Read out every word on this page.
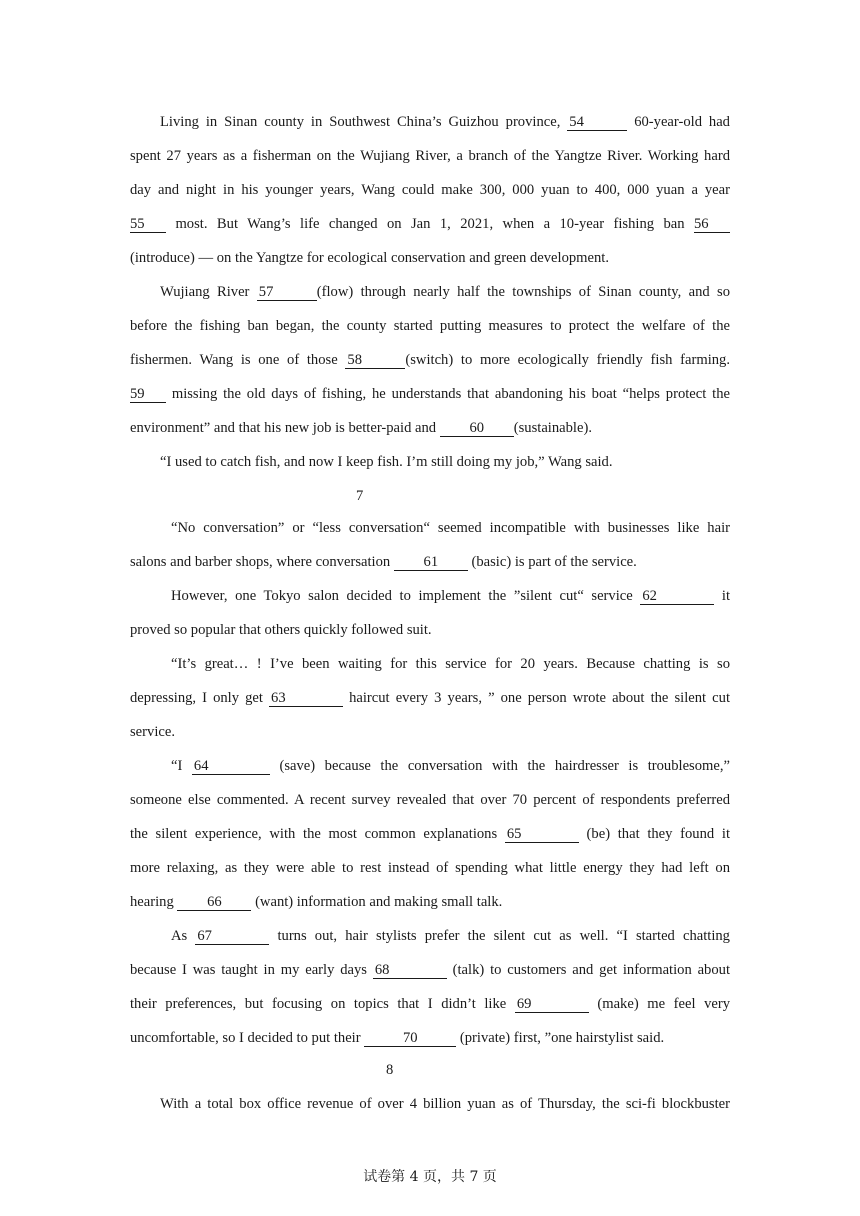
Living in Sinan county in Southwest China’s Guizhou province, 54	60-year-old had
spent 27 years as a fisherman on the Wujiang River, a branch of the Yangtze River. Working hard
day and night in his younger years, Wang could make 300, 000 yuan to 400, 000 yuan a year
55 most. But Wang’s life changed on Jan 1, 2021, when a 10-year fishing ban 56
(introduce) — on the Yangtze for ecological conservation and green development.
Wujiang River 57	(flow) through nearly half the townships of Sinan county, and so
before the fishing ban began, the county started putting measures to protect the welfare of the
fishermen. Wang is one of those 58	(switch) to more ecologically friendly fish farming.
59 missing the old days of fishing, he understands that abandoning his boat “helps protect the
environment” and that his new job is better-paid and 60 (sustainable).
“I used to catch fish, and now I keep fish. I’m still doing my job,” Wang said.
7
“No conversation” or “less conversation“ seemed incompatible with businesses like hair
salons and barber shops, where conversation 61 (basic) is part of the service.
However, one Tokyo salon decided to implement the ”silent cut“ service 62	it
proved so popular that others quickly followed suit.
“It’s great… ! I’ve been waiting for this service for 20 years. Because chatting is so
depressing, I only get 63	haircut every 3 years, ” one person wrote about the silent cut
service.
“I 64	(save) because the conversation with the hairdresser is troublesome,”
someone else commented. A recent survey revealed that over 70 percent of respondents preferred
the silent experience, with the most common explanations 65	(be) that they found it
more relaxing, as they were able to rest instead of spending what little energy they had left on
hearing 66 (want) information and making small talk.
As 67	turns out, hair stylists prefer the silent cut as well. “I started chatting
because I was taught in my early days 68	(talk) to customers and get information about
their preferences, but focusing on topics that I didn’t like 69	(make) me feel very
uncomfortable, so I decided to put their	70	(private) first, ”one hairstylist said.
8
With a total box office revenue of over 4 billion yuan as of Thursday, the sci-fi blockbuster
试卷第 4 页，共 7 页
